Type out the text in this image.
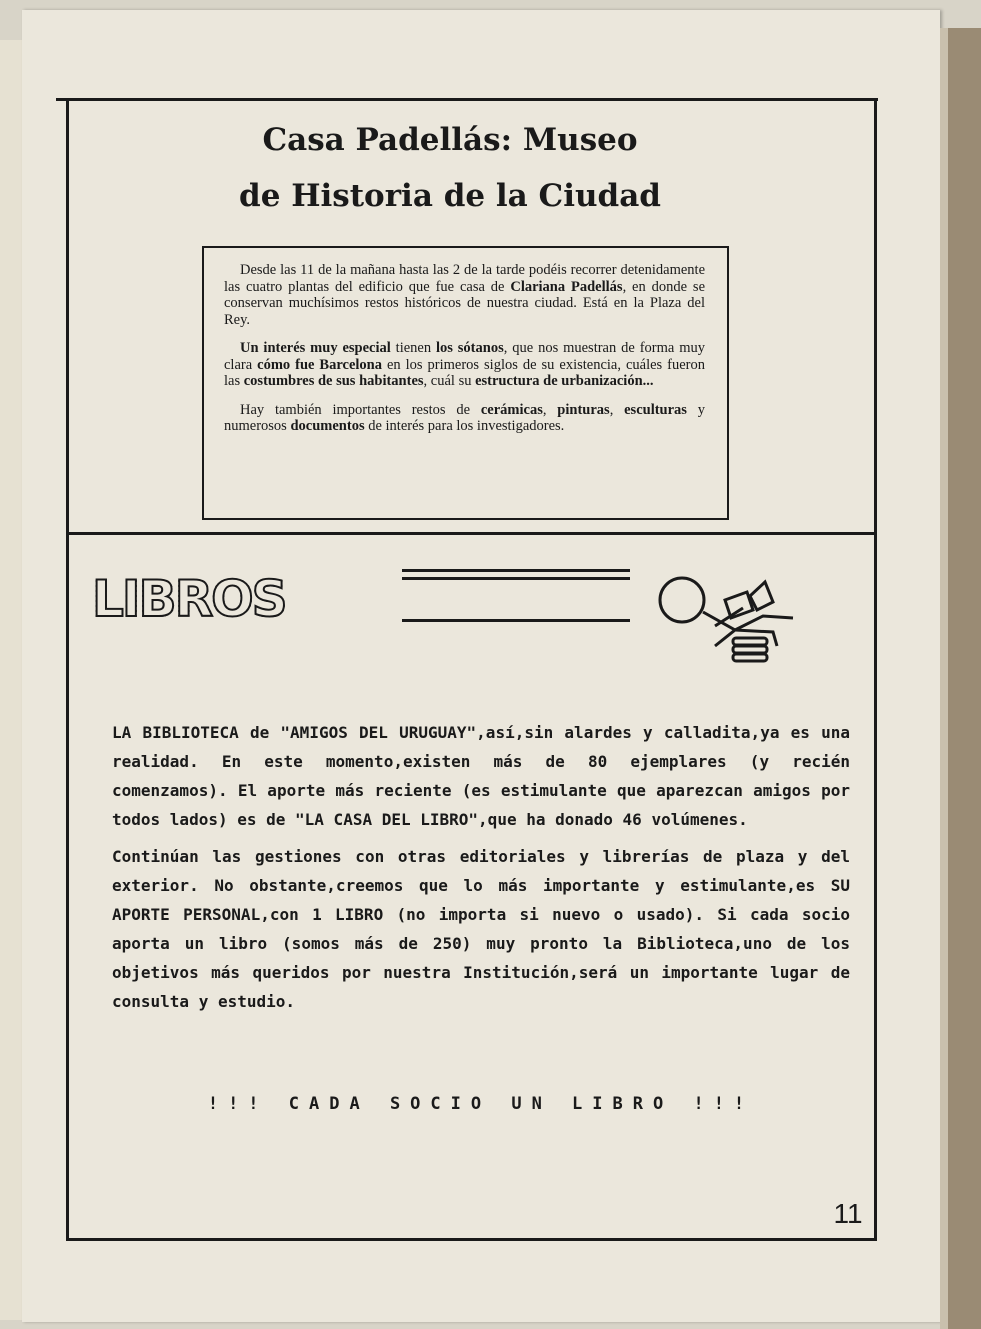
Casa Padellás: Museo
de Historia de la Ciudad

Desde las 11 de la mañana hasta las 2 de la tarde podéis recorrer detenidamente las cuatro plantas del edificio que fue casa de Clariana Padellás, en donde se conservan muchísimos restos históricos de nuestra ciudad. Está en la Plaza del Rey.

Un interés muy especial tienen los sótanos, que nos muestran de forma muy clara cómo fue Barcelona en los primeros siglos de su existencia, cuáles fueron las costumbres de sus habitantes, cuál su estructura de urbanización...

Hay también importantes restos de cerámicas, pinturas, esculturas y numerosos documentos de interés para los investigadores.

LIBROS

LA BIBLIOTECA de "AMIGOS DEL URUGUAY",así,sin alardes y calladita,ya es una realidad. En este momento,existen más de 80 ejemplares (y recién comenzamos). El aporte más reciente (es estimulante que aparezcan amigos por todos lados) es de "LA CASA DEL LIBRO",que ha donado 46 volúmenes.

Continúan las gestiones con otras editoriales y librerías de plaza y del exterior. No obstante,creemos que lo más importante y estimulante,es SU APORTE PERSONAL,con 1 LIBRO (no importa si nuevo o usado). Si cada socio aporta un libro (somos más de 250) muy pronto la Biblioteca,uno de los objetivos más queridos por nuestra Institución,será un importante lugar de consulta y estudio.

!!! CADA SOCIO UN LIBRO !!!
11
